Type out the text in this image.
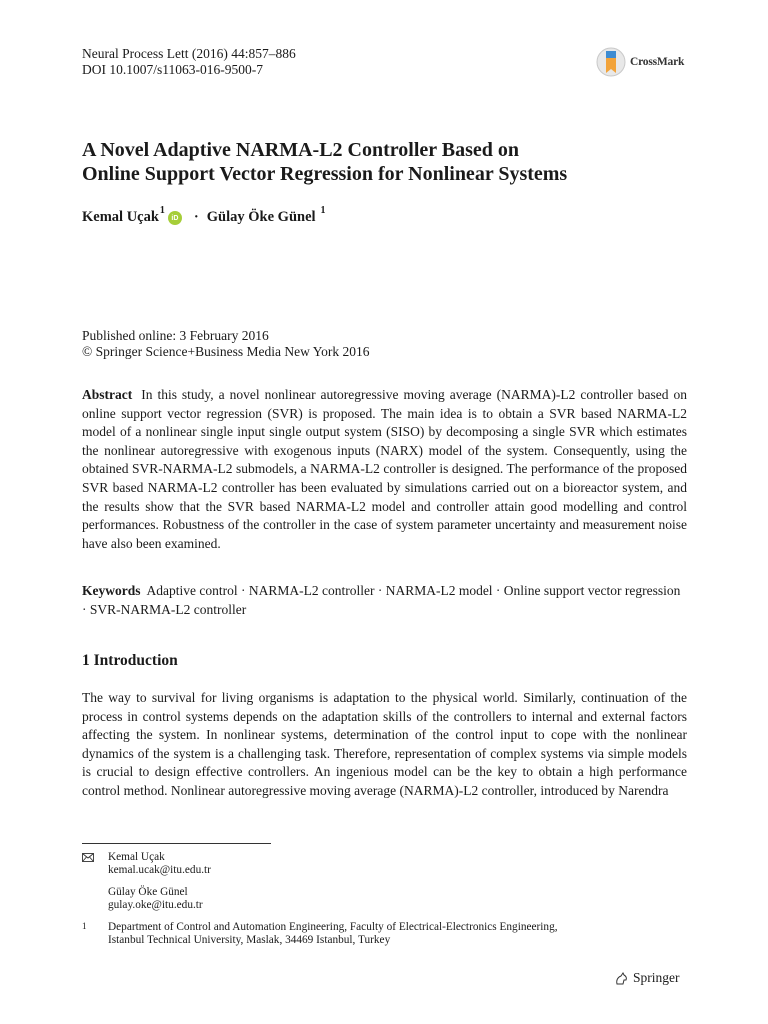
Neural Process Lett (2016) 44:857–886
DOI 10.1007/s11063-016-9500-7	CrossMark
A Novel Adaptive NARMA-L2 Controller Based on
Online Support Vector Regression for Nonlinear Systems
Kemal Uçak$^1$
iD · Gülay Öke Günel $^1$
Published online: 3 February 2016
© Springer Science+Business Media New York 2016
Abstract In this study, a novel nonlinear autoregressive moving average (NARMA)-L2 controller based on online support vector regression (SVR) is proposed. The main idea is to obtain a SVR based NARMA-L2 model of a nonlinear single input single output system (SISO) by decomposing a single SVR which estimates the nonlinear autoregressive with exogenous inputs (NARX) model of the system. Consequently, using the obtained SVR-NARMA-L2 submodels, a NARMA-L2 controller is designed. The performance of the proposed SVR based NARMA-L2 controller has been evaluated by simulations carried out on a bioreactor system, and the results show that the SVR based NARMA-L2 model and controller attain good modelling and control performances. Robustness of the controller in the case of system parameter uncertainty and measurement noise have also been examined.
Keywords Adaptive control · NARMA-L2 controller · NARMA-L2 model · Online support vector regression · SVR-NARMA-L2 controller
1 Introduction
The way to survival for living organisms is adaptation to the physical world. Similarly, continuation of the process in control systems depends on the adaptation skills of the controllers to internal and external factors affecting the system. In nonlinear systems, determination of the control input to cope with the nonlinear dynamics of the system is a challenging task. Therefore, representation of complex systems via simple models is crucial to design effective controllers. An ingenious model can be the key to obtain a high performance control method. Nonlinear autoregressive moving average (NARMA)-L2 controller, introduced by Narendra
Kemal Uçak
kemal.ucak@itu.edu.tr
Gülay Öke Günel
gulay.oke@itu.edu.tr
1	Department of Control and Automation Engineering, Faculty of Electrical-Electronics Engineering,
Istanbul Technical University, Maslak, 34469 Istanbul, Turkey
Springer
